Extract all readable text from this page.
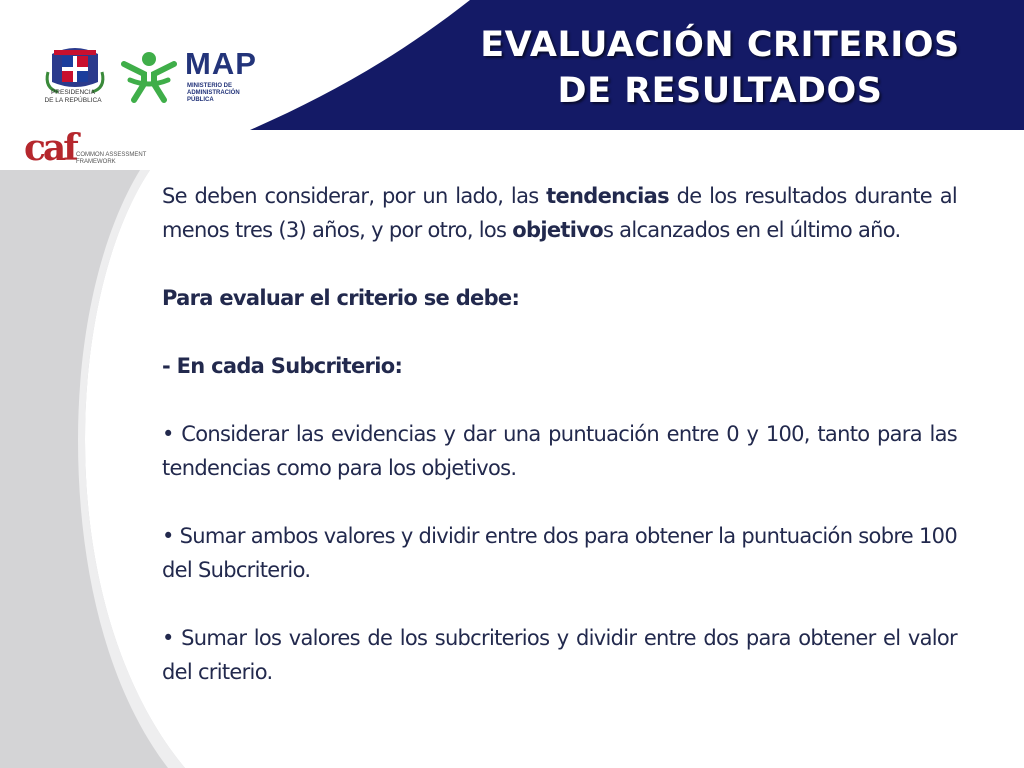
EVALUACIÓN CRITERIOS
DE RESULTADOS
PRESIDENCIA
DE LA REPÚBLICA
MAP
MINISTERIO DE
ADMINISTRACIÓN
PÚBLICA
caf COMMON ASSESSMENT
FRAMEWORK

Se deben considerar, por un lado, las tendencias de los resultados durante al menos tres (3) años, y por otro, los objetivos alcanzados en el último año.

Para evaluar el criterio se debe:

- En cada Subcriterio:

• Considerar las evidencias y dar una puntuación entre 0 y 100, tanto para las tendencias como para los objetivos.

• Sumar ambos valores y dividir entre dos para obtener la puntuación sobre 100 del Subcriterio.

• Sumar los valores de los subcriterios y dividir entre dos para obtener el valor del criterio.
